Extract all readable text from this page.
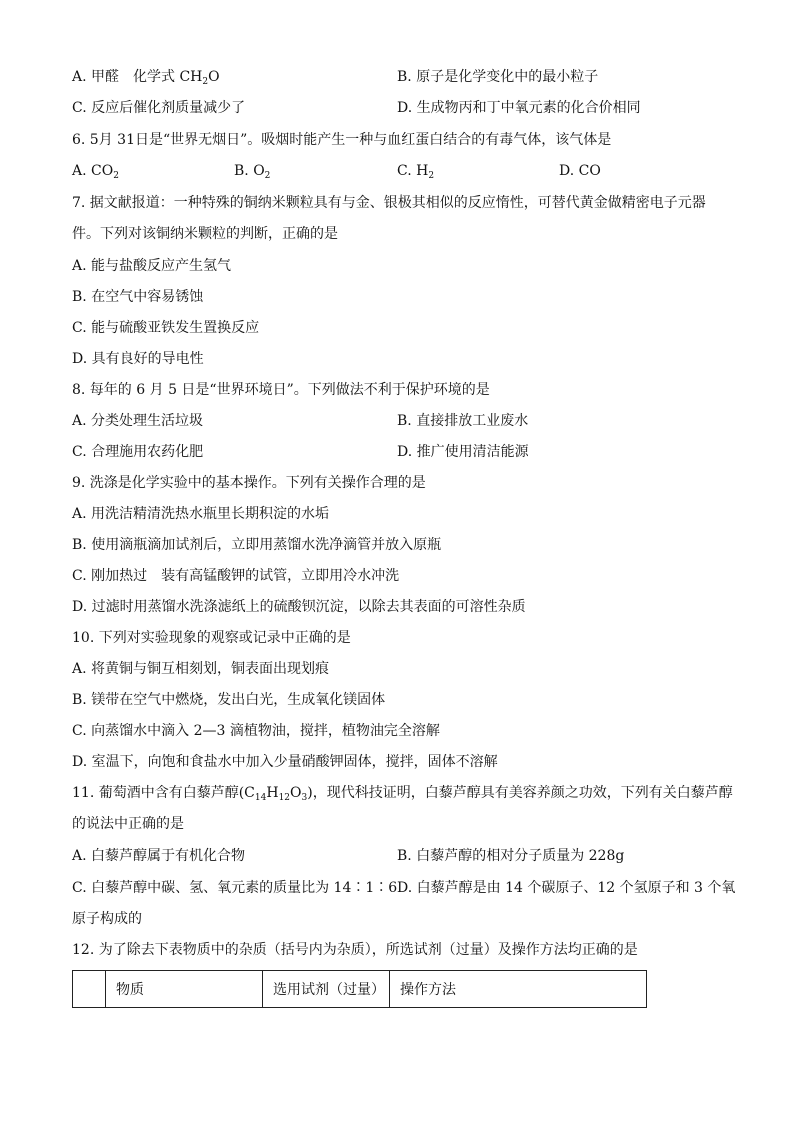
A. 甲醛　化学式 $CH_2O$	B. 原子是化学变化中的最小粒子
C. 反应后催化剂质量减少了	D. 生成物丙和丁中氧元素的化合价相同
6. 5月 31日是“世界无烟日”。吸烟时能产生一种与血红蛋白结合的有毒气体，该气体是
A. $CO_2$	B. $O_2$	C. $H_2$	D. CO
7. 据文献报道：一种特殊的铜纳米颗粒具有与金、银极其相似的反应惰性，可替代黄金做精密电子元器
件。下列对该铜纳米颗粒的判断，正确的是
A. 能与盐酸反应产生氢气
B. 在空气中容易锈蚀
C. 能与硫酸亚铁发生置换反应
D. 具有良好的导电性
8. 每年的 6 月 5 日是“世界环境日”。下列做法不利于保护环境的是
A. 分类处理生活垃圾	B. 直接排放工业废水
C. 合理施用农药化肥	D. 推广使用清洁能源
9. 洗涤是化学实验中的基本操作。下列有关操作合理的是
A. 用洗洁精清洗热水瓶里长期积淀的水垢
B. 使用滴瓶滴加试剂后，立即用蒸馏水洗净滴管并放入原瓶
C. 刚加热过　装有高锰酸钾的试管，立即用冷水冲洗
D. 过滤时用蒸馏水洗涤滤纸上的硫酸钡沉淀，以除去其表面的可溶性杂质
10. 下列对实验现象的观察或记录中正确的是
A. 将黄铜与铜互相刻划，铜表面出现划痕
B. 镁带在空气中燃烧，发出白光，生成氧化镁固体
C. 向蒸馏水中滴入 2—3 滴植物油，搅拌，植物油完全溶解
D. 室温下，向饱和食盐水中加入少量硝酸钾固体，搅拌，固体不溶解
11. 葡萄酒中含有白藜芦醇$(C_{14}H_{12}O_3)$，现代科技证明，白藜芦醇具有美容养颜之功效，下列有关白藜芦醇
的说法中正确的是
A. 白藜芦醇属于有机化合物	B. 白藜芦醇的相对分子质量为 228g
C. 白藜芦醇中碳、氢、氧元素的质量比为 14∶1∶6 D. 白藜芦醇是由 14 个碳原子、12 个氢原子和 3 个氧
原子构成的
12. 为了除去下表物质中的杂质（括号内为杂质），所选试剂（过量）及操作方法均正确的是
	物质	选用试剂（过量）	操作方法
